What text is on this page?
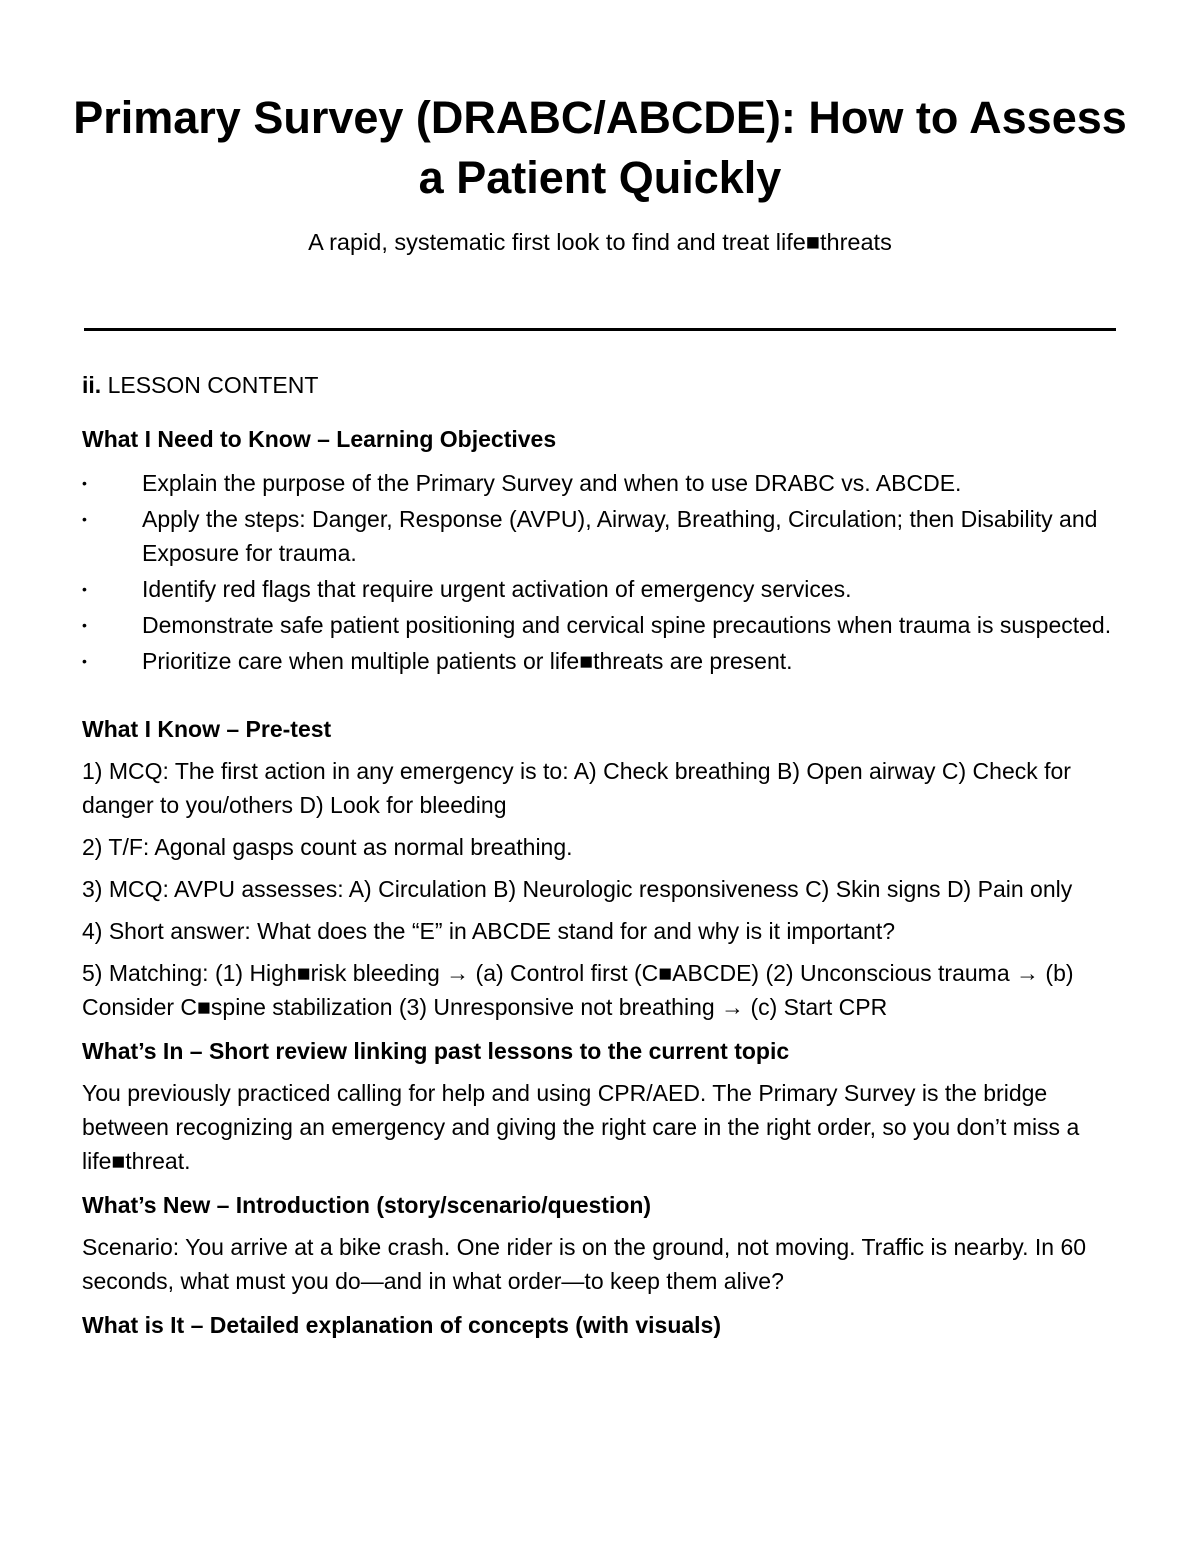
Primary Survey (DRABC/ABCDE): How to Assess a Patient Quickly

A rapid, systematic first look to find and treat life■threats

ii. LESSON CONTENT

What I Need to Know – Learning Objectives

• Explain the purpose of the Primary Survey and when to use DRABC vs. ABCDE.
• Apply the steps: Danger, Response (AVPU), Airway, Breathing, Circulation; then Disability and Exposure for trauma.
• Identify red flags that require urgent activation of emergency services.
• Demonstrate safe patient positioning and cervical spine precautions when trauma is suspected.
• Prioritize care when multiple patients or life■threats are present.

What I Know – Pre-test

1) MCQ: The first action in any emergency is to: A) Check breathing B) Open airway C) Check for danger to you/others D) Look for bleeding

2) T/F: Agonal gasps count as normal breathing.

3) MCQ: AVPU assesses: A) Circulation B) Neurologic responsiveness C) Skin signs D) Pain only

4) Short answer: What does the “E” in ABCDE stand for and why is it important?

5) Matching: (1) High■risk bleeding → (a) Control first (C■ABCDE) (2) Unconscious trauma → (b) Consider C■spine stabilization (3) Unresponsive not breathing → (c) Start CPR

What’s In – Short review linking past lessons to the current topic

You previously practiced calling for help and using CPR/AED. The Primary Survey is the bridge between recognizing an emergency and giving the right care in the right order, so you don’t miss a life■threat.

What’s New – Introduction (story/scenario/question)

Scenario: You arrive at a bike crash. One rider is on the ground, not moving. Traffic is nearby. In 60 seconds, what must you do—and in what order—to keep them alive?

What is It – Detailed explanation of concepts (with visuals)
